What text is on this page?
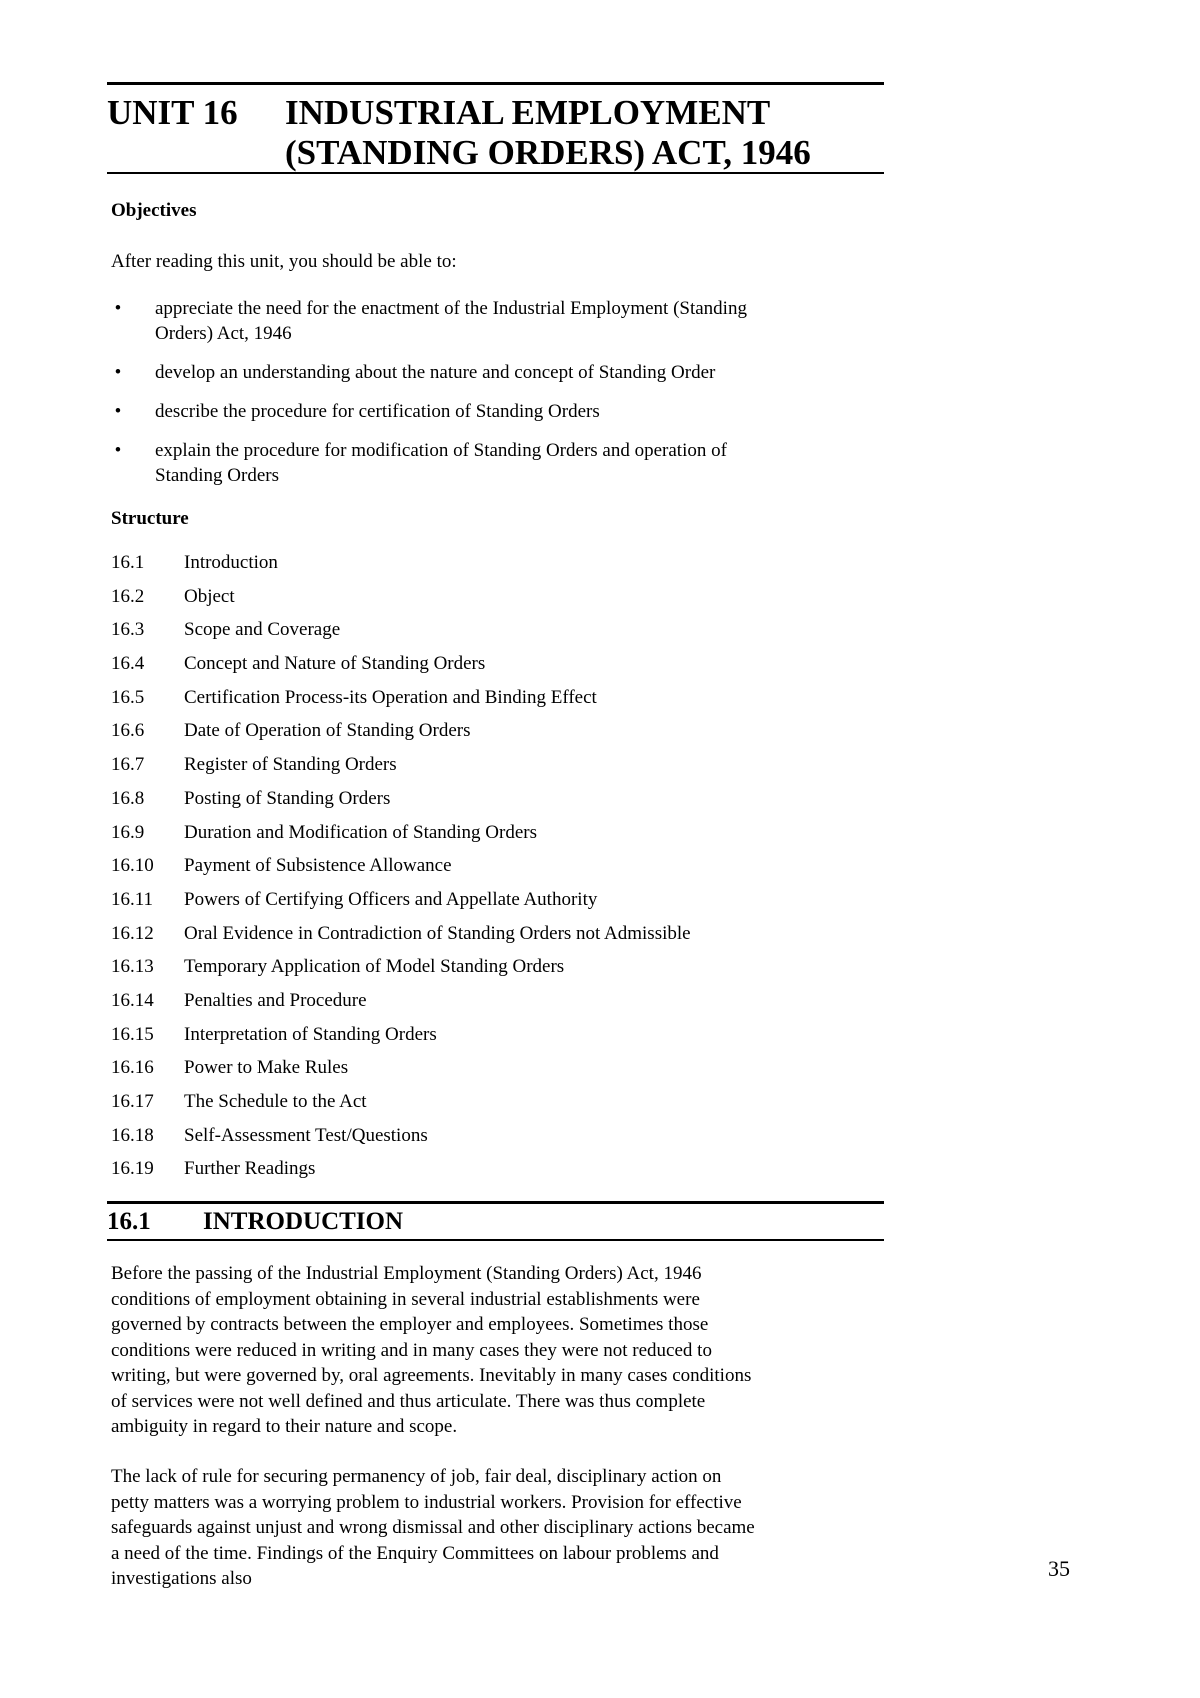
UNIT 16	INDUSTRIAL EMPLOYMENT
(STANDING ORDERS) ACT, 1946
Objectives
After reading this unit, you should be able to:
• appreciate the need for the enactment of the Industrial Employment (Standing
Orders) Act, 1946
• develop an understanding about the nature and concept of Standing Order
• describe the procedure for certification of Standing Orders
• explain the procedure for modification of Standing Orders and operation of
Standing Orders
Structure
16.1	Introduction
16.2	Object
16.3	Scope and Coverage
16.4	Concept and Nature of Standing Orders
16.5	Certification Process-its Operation and Binding Effect
16.6	Date of Operation of Standing Orders
16.7	Register of Standing Orders
16.8	Posting of Standing Orders
16.9	Duration and Modification of Standing Orders
16.10	Payment of Subsistence Allowance
16.11	Powers of Certifying Officers and Appellate Authority
16.12	Oral Evidence in Contradiction of Standing Orders not Admissible
16.13	Temporary Application of Model Standing Orders
16.14	Penalties and Procedure
16.15	Interpretation of Standing Orders
16.16	Power to Make Rules
16.17	The Schedule to the Act
16.18	Self-Assessment Test/Questions
16.19	Further Readings
16.1	INTRODUCTION
Before the passing of the Industrial Employment (Standing Orders) Act, 1946
conditions of employment obtaining in several industrial establishments were
governed by contracts between the employer and employees. Sometimes those
conditions were reduced in writing and in many cases they were not reduced to
writing, but were governed by, oral agreements. Inevitably in many cases conditions
of services were not well defined and thus articulate. There was thus complete
ambiguity in regard to their nature and scope.
The lack of rule for securing permanency of job, fair deal, disciplinary action on
petty matters was a worrying problem to industrial workers. Provision for effective
safeguards against unjust and wrong dismissal and other disciplinary actions became
a need of the time. Findings of the Enquiry Committees on labour problems and
investigations also	35
